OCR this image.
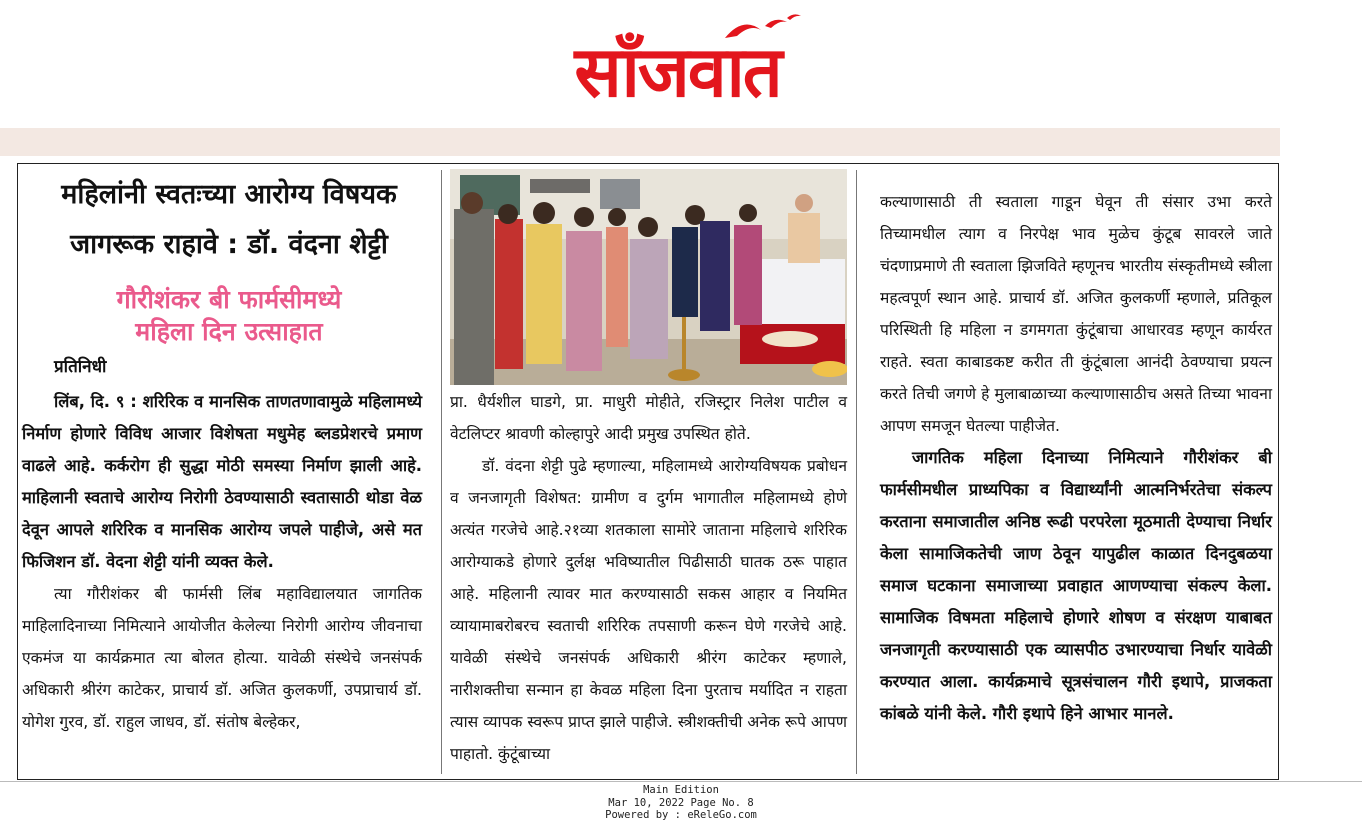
साँजवात
महिलांनी स्वतःच्या आरोग्य विषयक
जागरूक राहावे : डॉ. वंदना शेट्टी
गौरीशंकर बी फार्मसीमध्ये
महिला दिन उत्साहात
प्रतिनिधी

लिंब, दि. ९ : शरिरिक व मानसिक ताणतणावामुळे महिलामध्ये निर्माण होणारे विविध आजार विशेषता मधुमेह ब्लडप्रेशरचे प्रमाण वाढले आहे. कर्करोग ही सुद्धा मोठी समस्या निर्माण झाली आहे. माहिलानी स्वताचे आरोग्य निरोगी ठेवण्यासाठी स्वतासाठी थोडा वेळ देवून आपले शरिरिक व मानसिक आरोग्य जपले पाहीजे, असे मत फिजिशन डॉ. वेदना शेट्टी यांनी व्यक्त केले.

त्या गौरीशंकर बी फार्मसी लिंब महाविद्यालयात जागतिक माहिलादिनाच्या निमित्याने आयोजीत केलेल्या निरोगी आरोग्य जीवनाचा एकमंज या कार्यक्रमात त्या बोलत होत्या. यावेळी संस्थेचे जनसंपर्क अधिकारी श्रीरंग काटेकर, प्राचार्य डॉ. अजित कुलकर्णी, उपप्राचार्य डॉ. योगेश गुरव, डॉ. राहुल जाधव, डॉ. संतोष बेल्हेकर,

प्रा. धैर्यशील घाडगे, प्रा. माधुरी मोहीते, रजिस्ट्रार निलेश पाटील व वेटलिप्टर श्रावणी कोल्हापुरे आदी प्रमुख उपस्थित होते.

डॉ. वंदना शेट्टी पुढे म्हणाल्या, महिलामध्ये आरोग्यविषयक प्रबोधन व जनजागृती विशेषत: ग्रामीण व दुर्गम भागातील महिलामध्ये होणे अत्यंत गरजेचे आहे.२१व्या शतकाला सामोरे जाताना महिलाचे शरिरिक आरोग्याकडे होणारे दुर्लक्ष भविष्यातील पिढीसाठी घातक ठरू पाहात आहे. महिलानी त्यावर मात करण्यासाठी सकस आहार व नियमित व्यायामाबरोबरच स्वताची शरिरिक तपसाणी करून घेणे गरजेचे आहे. यावेळी संस्थेचे जनसंपर्क अधिकारी श्रीरंग काटेकर म्हणाले, नारीशक्तीचा सन्मान हा केवळ महिला दिना पुरताच मर्यादित न राहता त्यास व्यापक स्वरूप प्राप्त झाले पाहीजे. स्त्रीशक्तीची अनेक रूपे आपण पाहातो. कुंटूंबाच्या

कल्याणासाठी ती स्वताला गाडून घेवून ती संसार उभा करते तिच्यामधील त्याग व निरपेक्ष भाव मुळेच कुंटूब सावरले जाते चंदणाप्रमाणे ती स्वताला झिजविते म्हणूनच भारतीय संस्कृतीमध्ये स्त्रीला महत्वपूर्ण स्थान आहे. प्राचार्य डॉ. अजित कुलकर्णी म्हणाले, प्रतिकूल परिस्थिती हि महिला न डगमगता कुंटूंबाचा आधारवड म्हणून कार्यरत राहते. स्वता काबाडकष्ट करीत ती कुंटूंबाला आनंदी ठेवण्याचा प्रयत्न करते तिची जगणे हे मुलाबाळाच्या कल्याणासाठीच असते तिच्या भावना आपण समजून घेतल्या पाहीजेत.

जागतिक महिला दिनाच्या निमित्याने गौरीशंकर बी फार्मसीमधील प्राध्यपिका व विद्यार्थ्यांनी आत्मनिर्भरतेचा संकल्प करताना समाजातील अनिष्ठ रूढी परपरेला मूठमाती देण्याचा निर्धार केला सामाजिकतेची जाण ठेवून यापुढील काळात दिनदुबळया समाज घटकाना समाजाच्या प्रवाहात आणण्याचा संकल्प केला. सामाजिक विषमता महिलाचे होणारे शोषण व संरक्षण याबाबत जनजागृती करण्यासाठी एक व्यासपीठ उभारण्याचा निर्धार यावेळी करण्यात आला. कार्यक्रमाचे सूत्रसंचालन गौरी इथापे, प्राजकता कांबळे यांनी केले. गौरी इथापे हिने आभार मानले.

Main Edition
Mar 10, 2022 Page No. 8
Powered by : eReleGo.com
